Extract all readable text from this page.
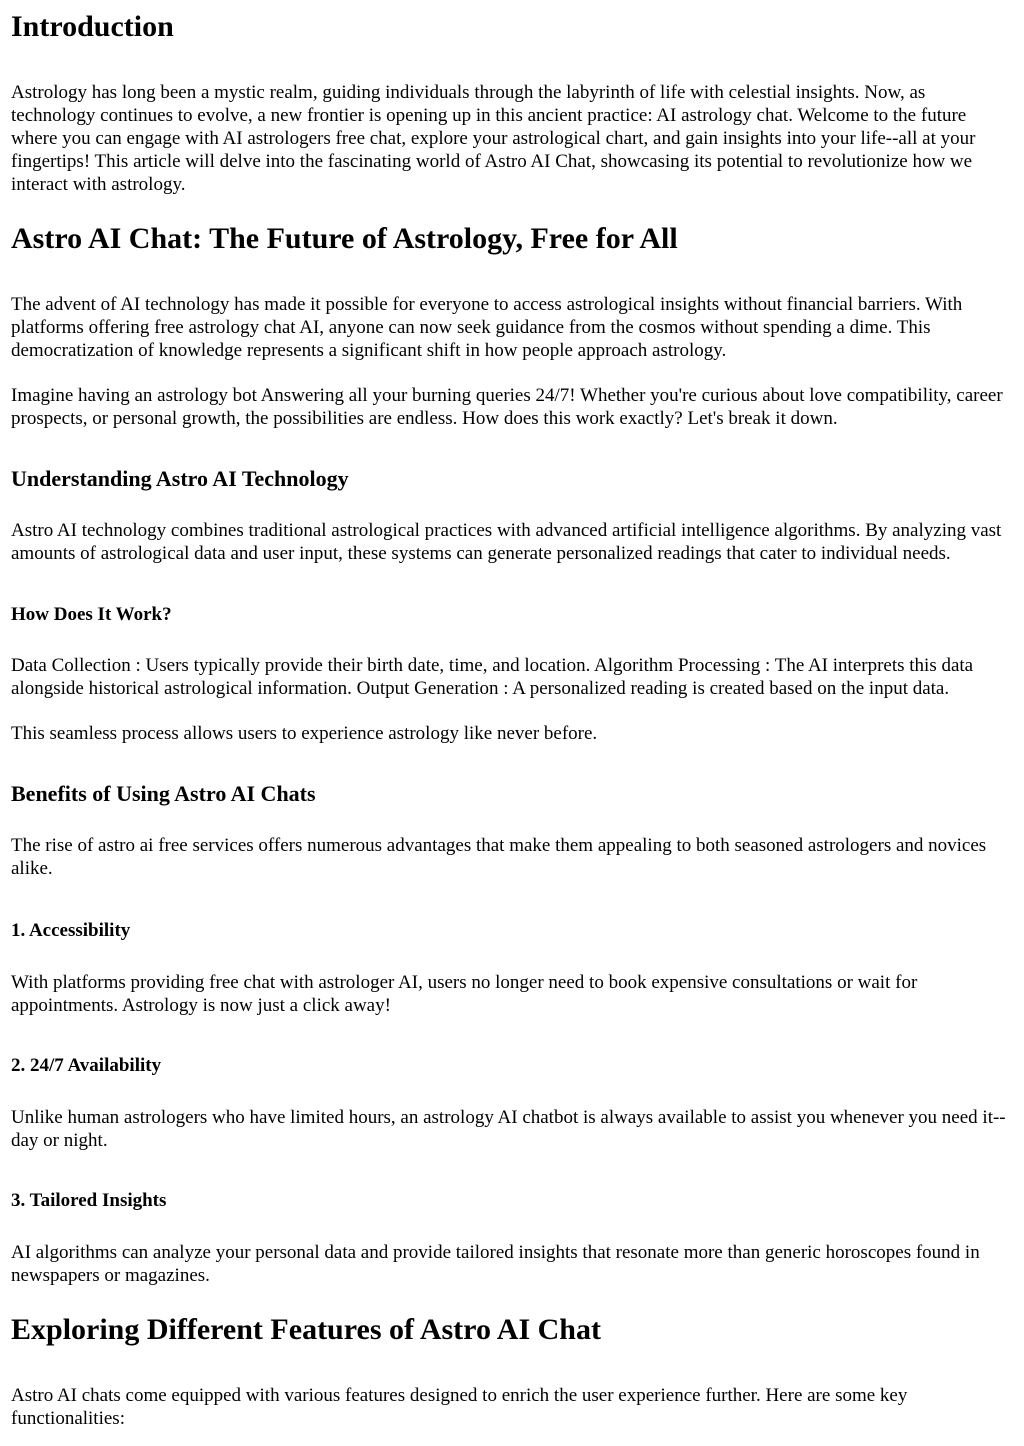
Introduction

Astrology has long been a mystic realm, guiding individuals through the labyrinth of life with celestial insights. Now, as technology continues to evolve, a new frontier is opening up in this ancient practice: AI astrology chat. Welcome to the future where you can engage with AI astrologers free chat, explore your astrological chart, and gain insights into your life--all at your fingertips! This article will delve into the fascinating world of Astro AI Chat, showcasing its potential to revolutionize how we interact with astrology.

Astro AI Chat: The Future of Astrology, Free for All

The advent of AI technology has made it possible for everyone to access astrological insights without financial barriers. With platforms offering free astrology chat AI, anyone can now seek guidance from the cosmos without spending a dime. This democratization of knowledge represents a significant shift in how people approach astrology.

Imagine having an astrology bot Answering all your burning queries 24/7! Whether you're curious about love compatibility, career prospects, or personal growth, the possibilities are endless. How does this work exactly? Let's break it down.

Understanding Astro AI Technology

Astro AI technology combines traditional astrological practices with advanced artificial intelligence algorithms. By analyzing vast amounts of astrological data and user input, these systems can generate personalized readings that cater to individual needs.

How Does It Work?

Data Collection : Users typically provide their birth date, time, and location. Algorithm Processing : The AI interprets this data alongside historical astrological information. Output Generation : A personalized reading is created based on the input data.

This seamless process allows users to experience astrology like never before.

Benefits of Using Astro AI Chats

The rise of astro ai free services offers numerous advantages that make them appealing to both seasoned astrologers and novices alike.

1. Accessibility

With platforms providing free chat with astrologer AI, users no longer need to book expensive consultations or wait for appointments. Astrology is now just a click away!

2. 24/7 Availability

Unlike human astrologers who have limited hours, an astrology AI chatbot is always available to assist you whenever you need it--day or night.

3. Tailored Insights

AI algorithms can analyze your personal data and provide tailored insights that resonate more than generic horoscopes found in newspapers or magazines.

Exploring Different Features of Astro AI Chat

Astro AI chats come equipped with various features designed to enrich the user experience further. Here are some key functionalities:
